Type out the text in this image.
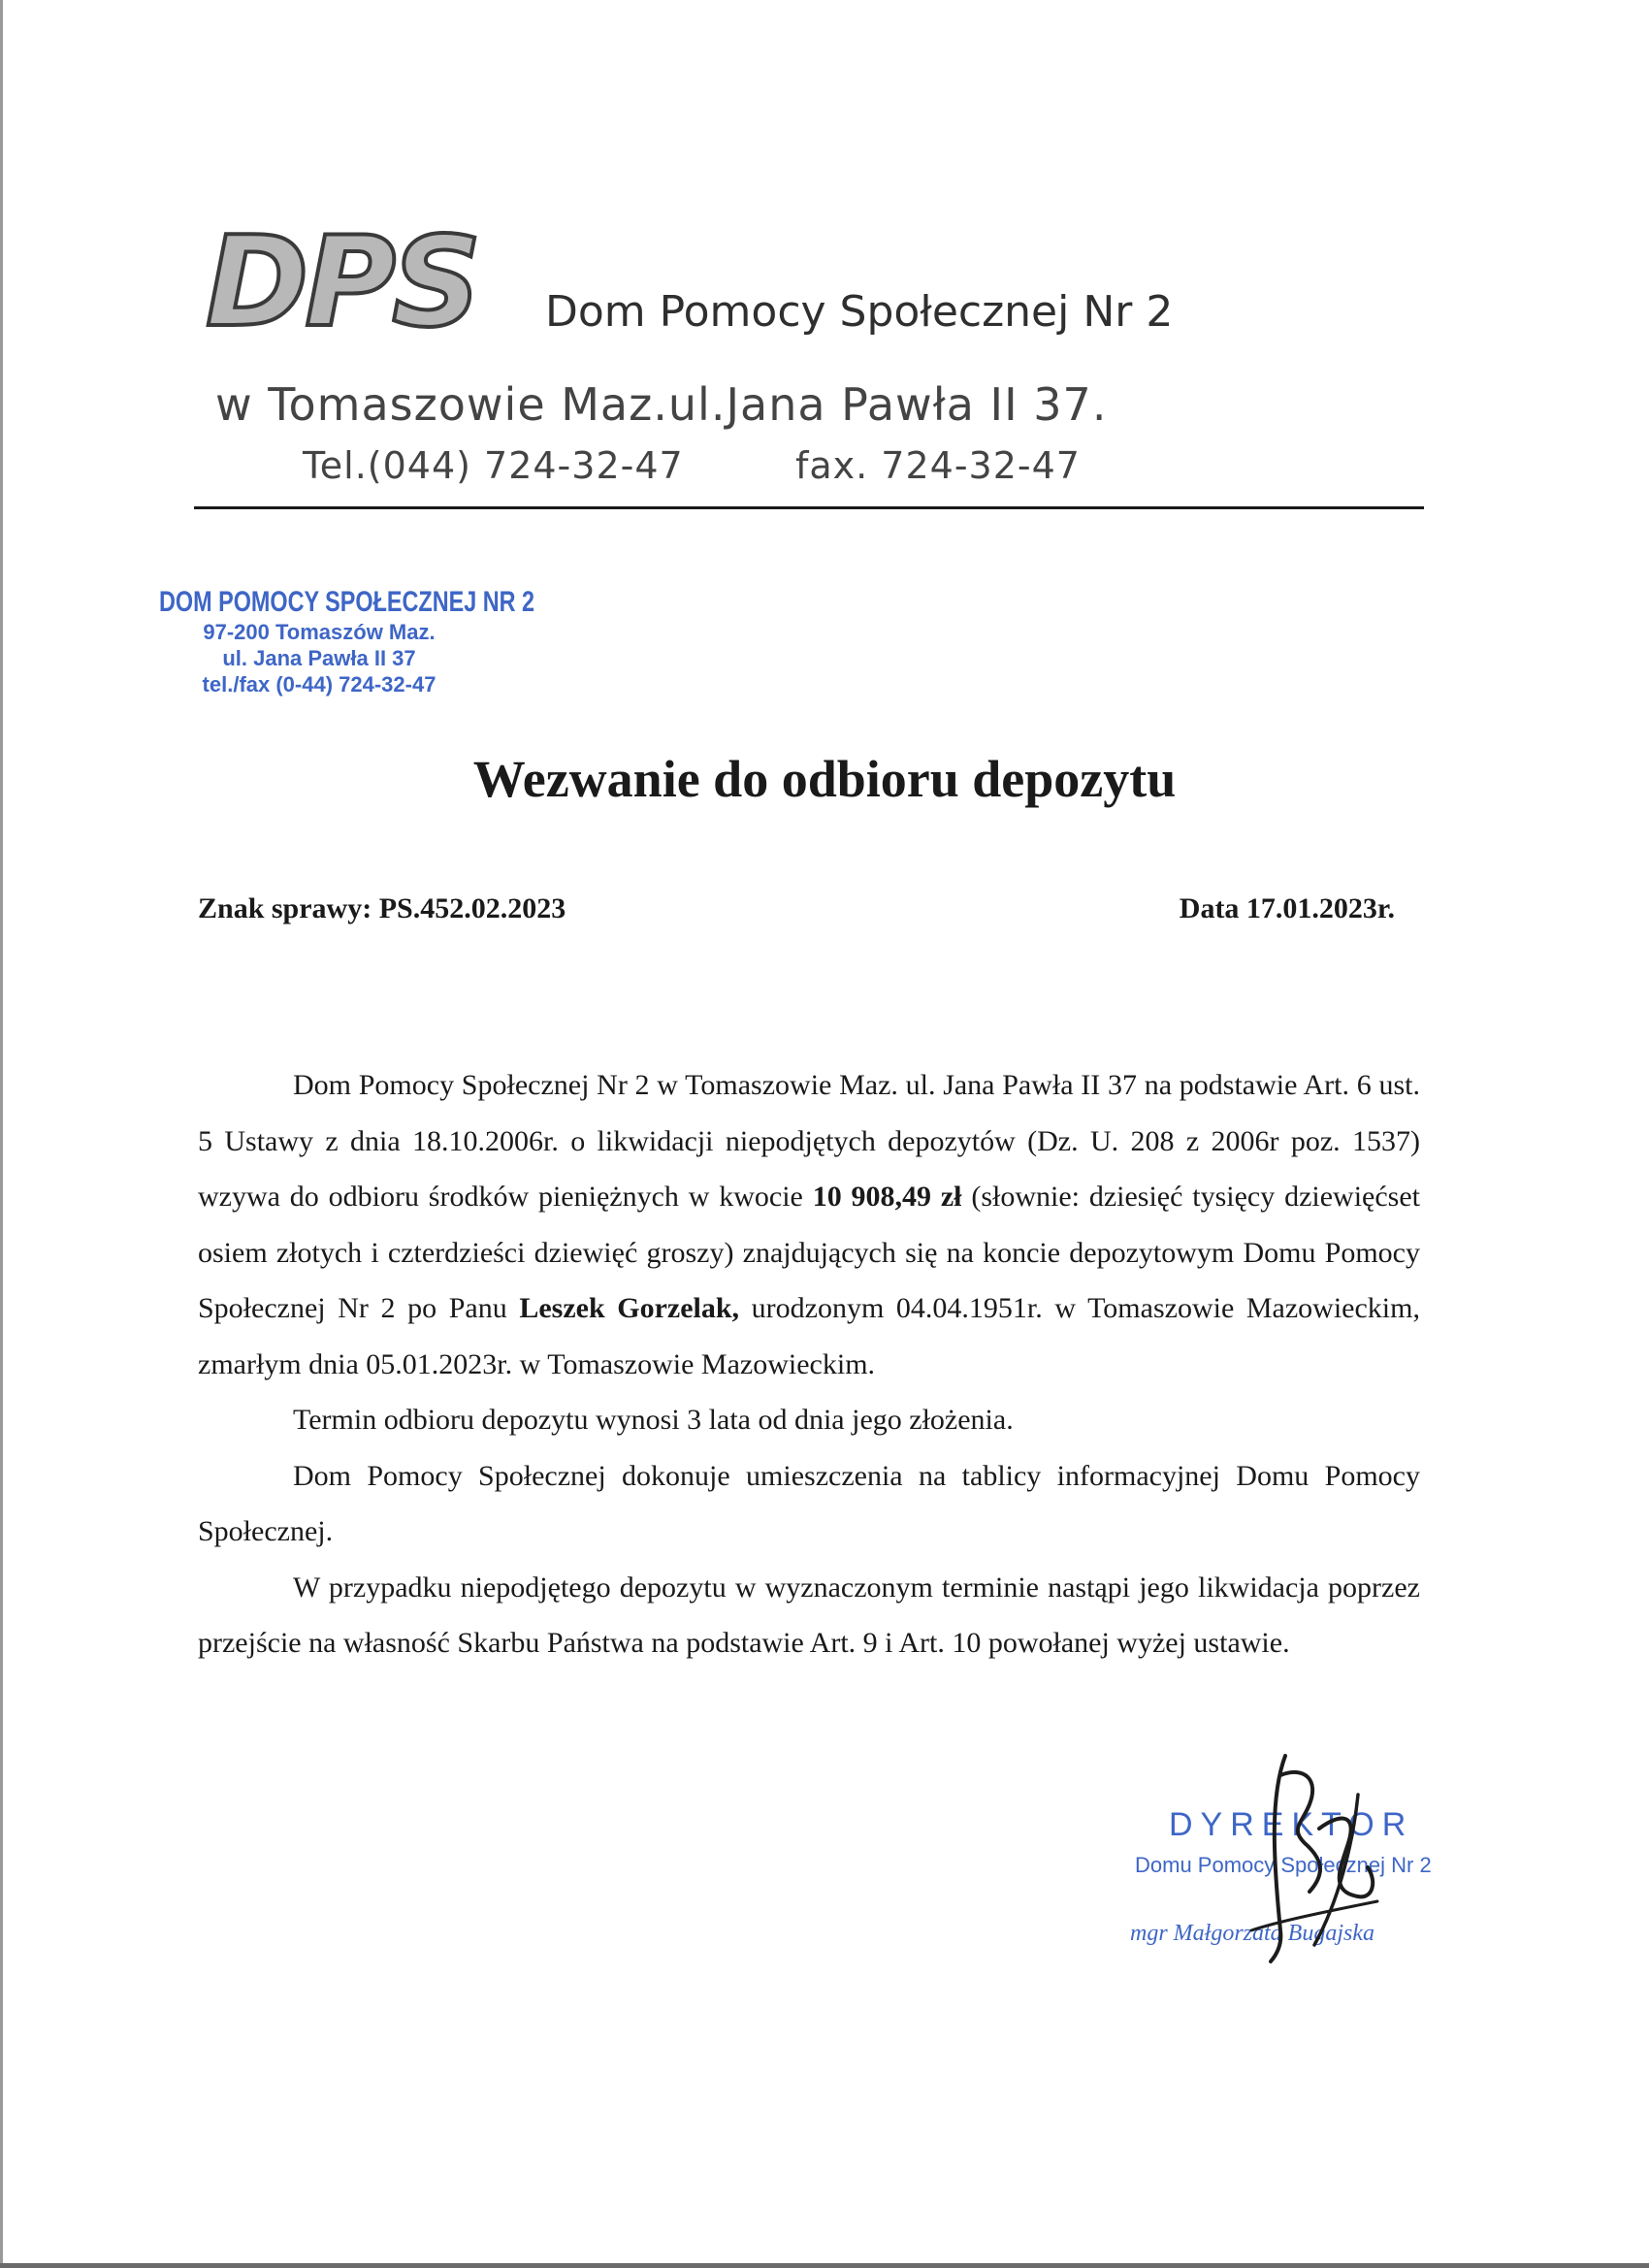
DPS Dom Pomocy Społecznej Nr 2
w Tomaszowie Maz.ul.Jana Pawła II 37.
Tel.(044) 724-32-47	fax. 724-32-47
DOM POMOCY SPOŁECZNEJ NR 2
97-200 Tomaszów Maz.
ul. Jana Pawła II 37
tel./fax (0-44) 724-32-47
Wezwanie do odbioru depozytu
Znak sprawy: PS.452.02.2023	Data 17.01.2023r.

Dom Pomocy Społecznej Nr 2 w Tomaszowie Maz. ul. Jana Pawła II 37 na podstawie Art. 6 ust. 5 Ustawy z dnia 18.10.2006r. o likwidacji niepodjętych depozytów (Dz. U. 208 z 2006r poz. 1537) wzywa do odbioru środków pieniężnych w kwocie 10 908,49 zł (słownie: dziesięć tysięcy dziewięćset osiem złotych i czterdzieści dziewięć groszy) znajdujących się na koncie depozytowym Domu Pomocy Społecznej Nr 2 po Panu Leszek Gorzelak, urodzonym 04.04.1951r. w Tomaszowie Mazowieckim, zmarłym dnia 05.01.2023r. w Tomaszowie Mazowieckim.

Termin odbioru depozytu wynosi 3 lata od dnia jego złożenia.

Dom Pomocy Społecznej dokonuje umieszczenia na tablicy informacyjnej Domu Pomocy Społecznej.

W przypadku niepodjętego depozytu w wyznaczonym terminie nastąpi jego likwidacja poprzez przejście na własność Skarbu Państwa na podstawie Art. 9 i Art. 10 powołanej wyżej ustawie.

DYREKTOR
Domu Pomocy Społecznej Nr 2
mgr Małgorzata Bugajska
